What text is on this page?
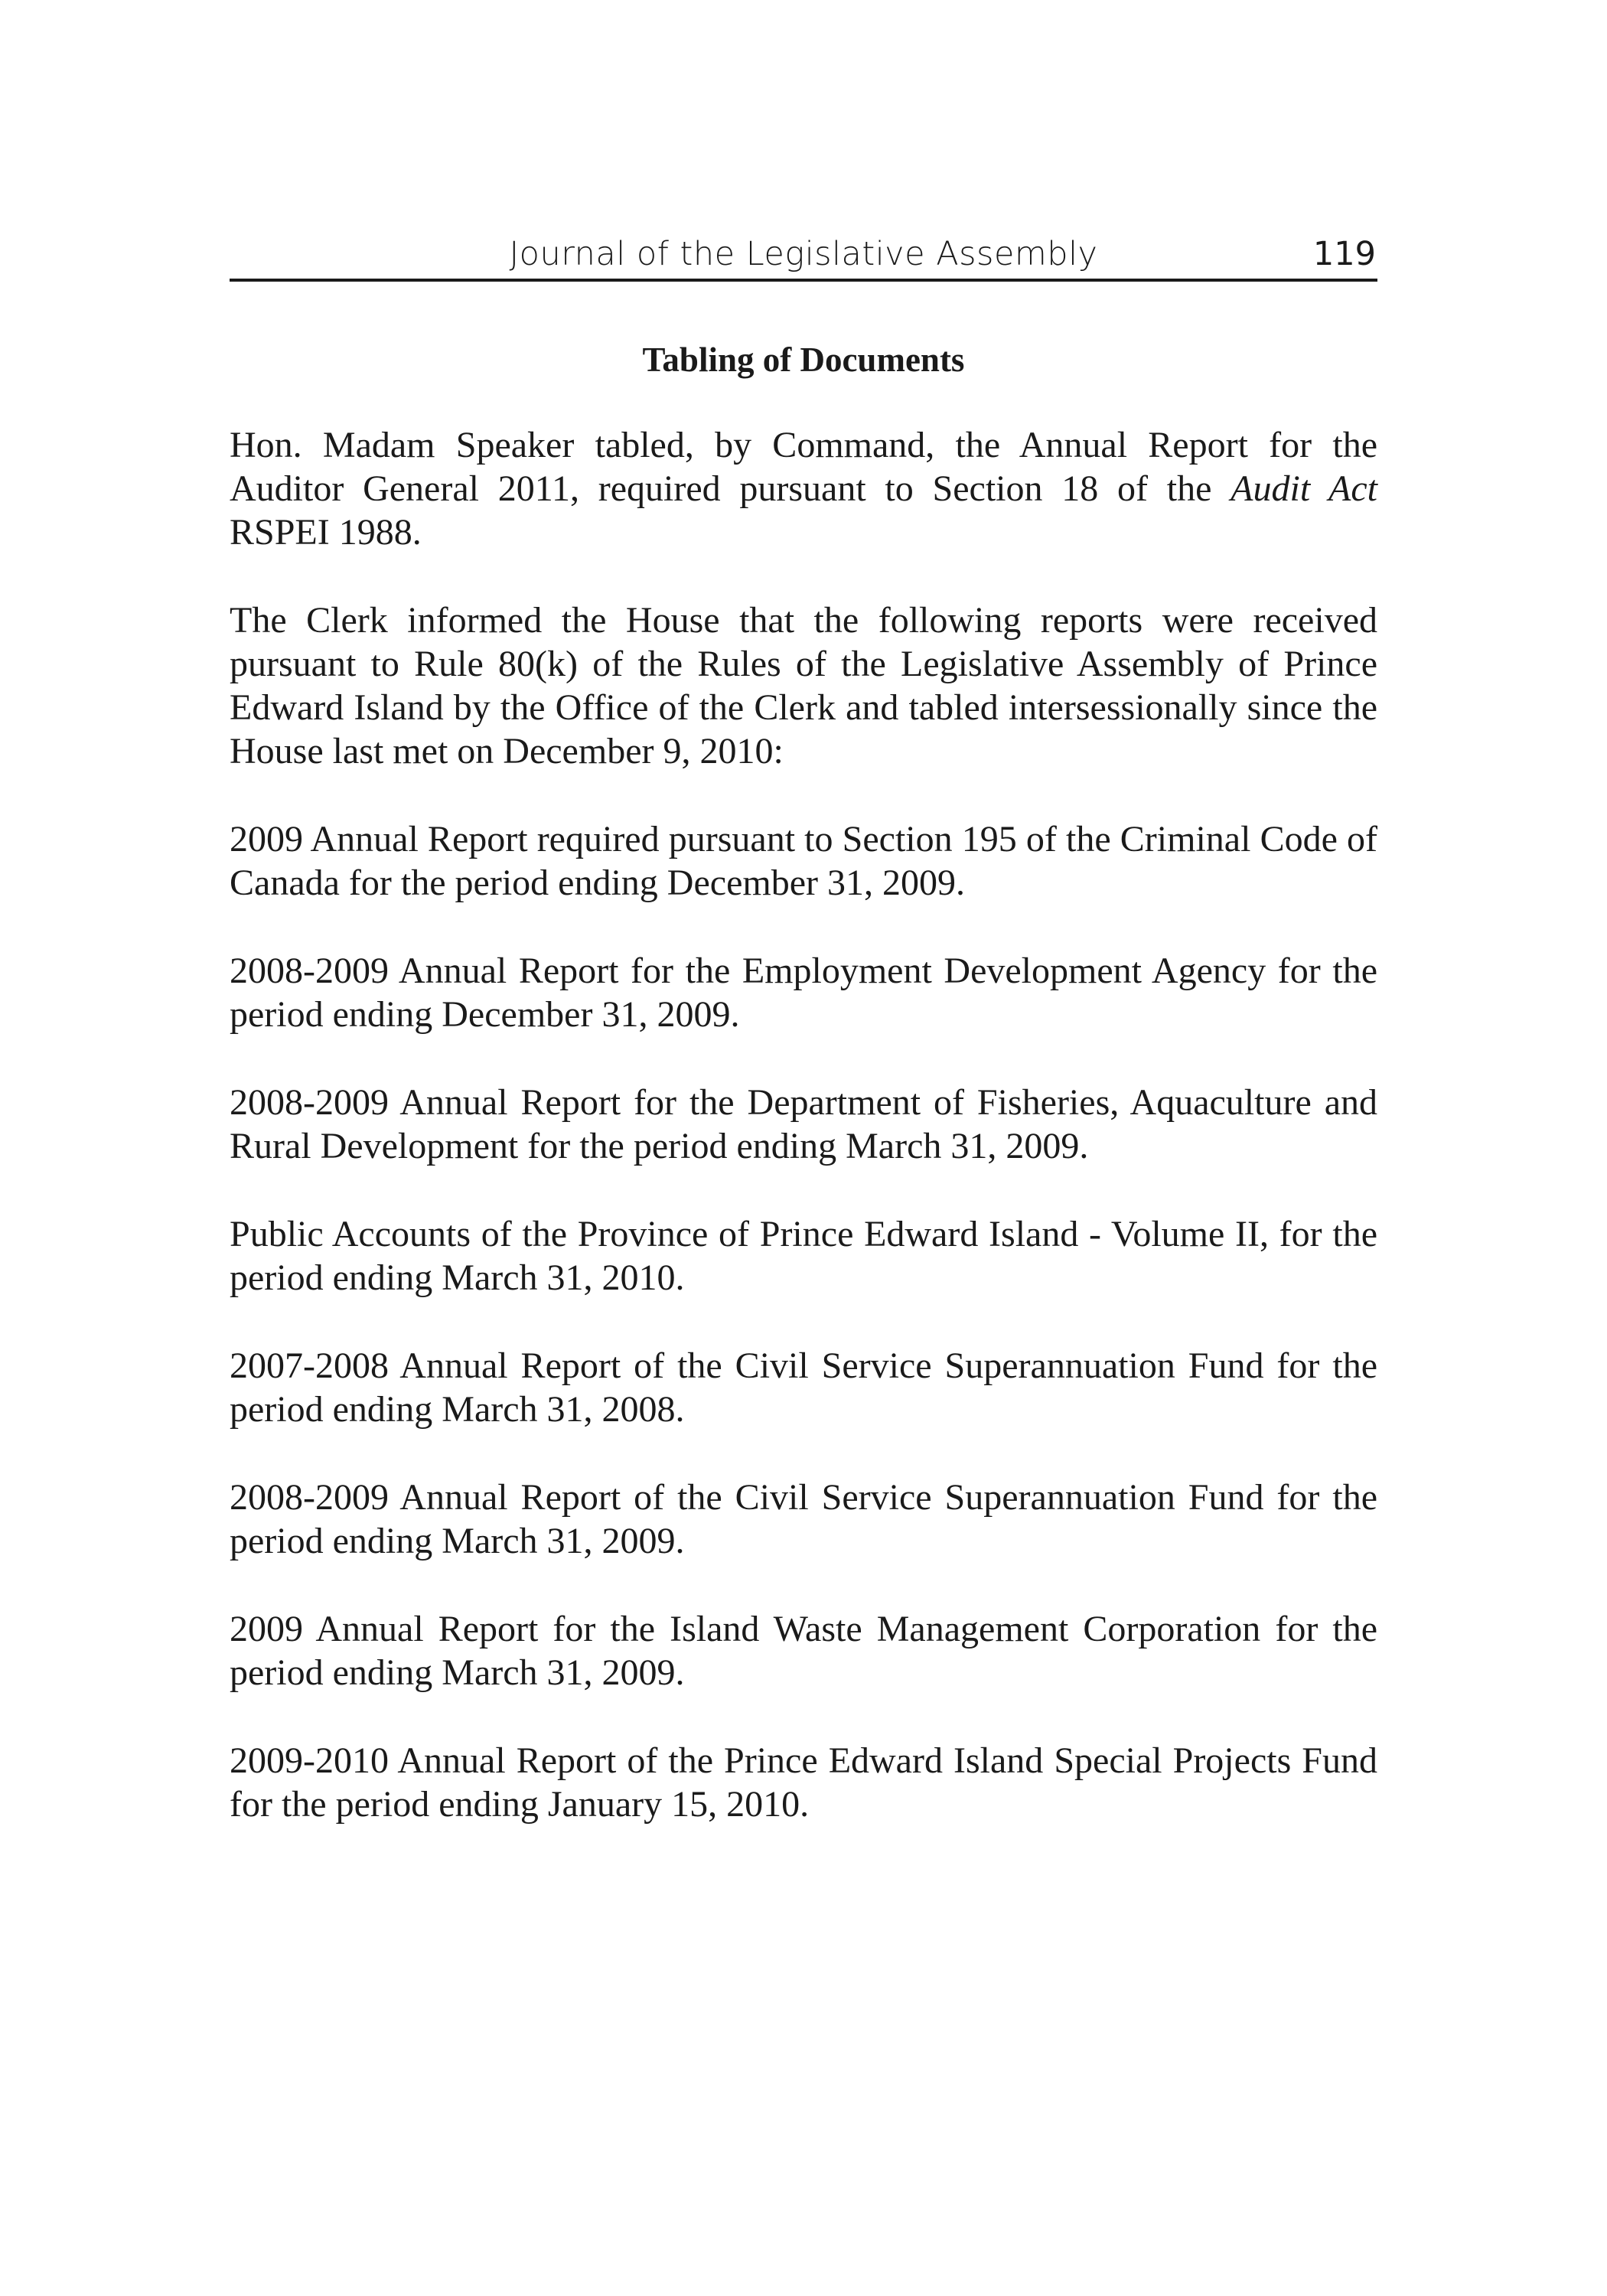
Journal of the Legislative Assembly	119
Tabling of Documents

Hon. Madam Speaker tabled, by Command, the Annual Report for the Auditor General 2011, required pursuant to Section 18 of the Audit Act RSPEI 1988.

The Clerk informed the House that the following reports were received pursuant to Rule 80(k) of the Rules of the Legislative Assembly of Prince Edward Island by the Office of the Clerk and tabled intersessionally since the House last met on December 9, 2010:

2009 Annual Report required pursuant to Section 195 of the Criminal Code of Canada for the period ending December 31, 2009.

2008-2009 Annual Report for the Employment Development Agency for the period ending December 31, 2009.

2008-2009 Annual Report for the Department of Fisheries, Aquaculture and Rural Development for the period ending March 31, 2009.

Public Accounts of the Province of Prince Edward Island - Volume II, for the period ending March 31, 2010.

2007-2008 Annual Report of the Civil Service Superannuation Fund for the period ending March 31, 2008.

2008-2009 Annual Report of the Civil Service Superannuation Fund for the period ending March 31, 2009.

2009 Annual Report for the Island Waste Management Corporation for the period ending March 31, 2009.

2009-2010 Annual Report of the Prince Edward Island Special Projects Fund for the period ending January 15, 2010.
